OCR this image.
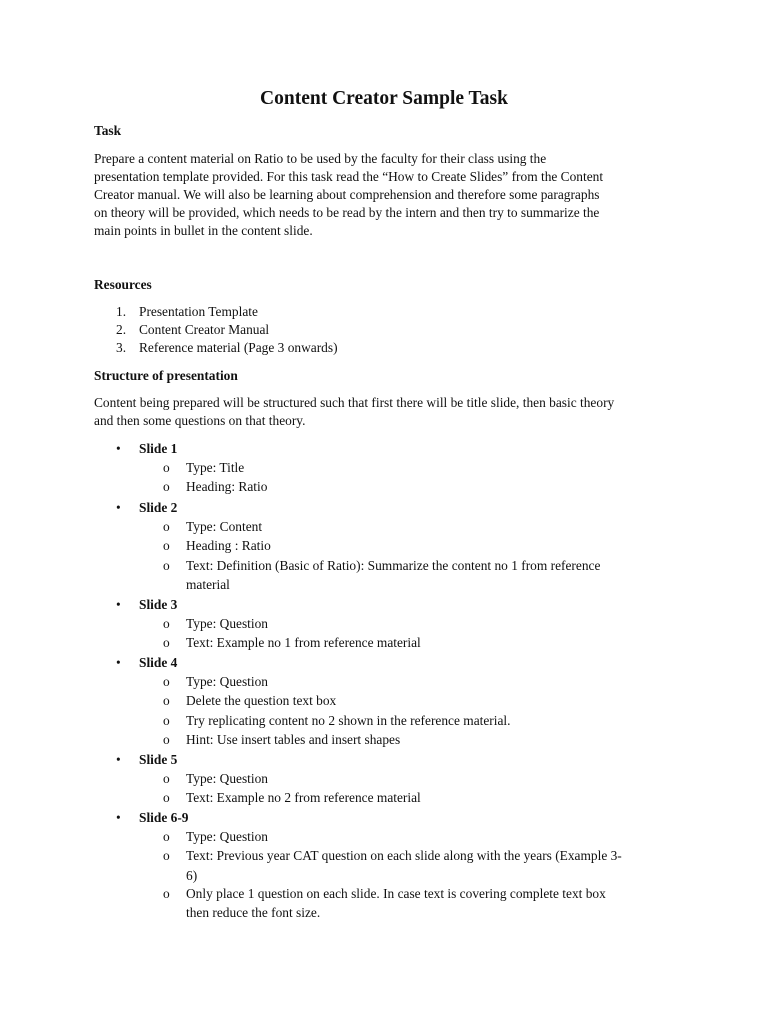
Content Creator Sample Task
Task
Prepare a content material on Ratio to be used by the faculty for their class using the
presentation template provided. For this task read the “How to Create Slides” from the Content
Creator manual. We will also be learning about comprehension and therefore some paragraphs
on theory will be provided, which needs to be read by the intern and then try to summarize the
main points in bullet in the content slide.
Resources
1. Presentation Template
2. Content Creator Manual
3. Reference material (Page 3 onwards)
Structure of presentation
Content being prepared will be structured such that first there will be title slide, then basic theory
and then some questions on that theory.
• Slide 1
o Type: Title
o Heading: Ratio
• Slide 2
o Type: Content
o Heading : Ratio
o Text: Definition (Basic of Ratio): Summarize the content no 1 from reference
material
• Slide 3
o Type: Question
o Text: Example no 1 from reference material
• Slide 4
o Type: Question
o Delete the question text box
o Try replicating content no 2 shown in the reference material.
o Hint: Use insert tables and insert shapes
• Slide 5
o Type: Question
o Text: Example no 2 from reference material
• Slide 6-9
o Type: Question
o Text: Previous year CAT question on each slide along with the years (Example 3-
6)
o Only place 1 question on each slide. In case text is covering complete text box
then reduce the font size.
